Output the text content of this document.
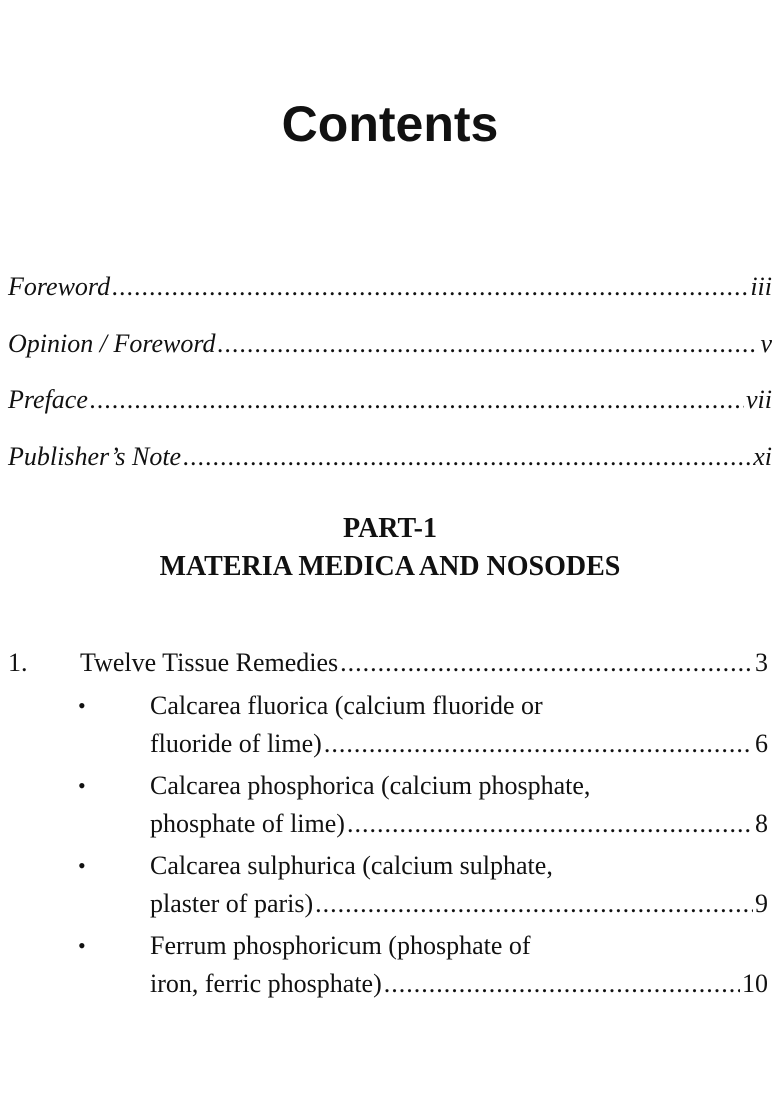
Contents
Foreword .....	iii
Opinion / Foreword .....	v
Preface .....	vii
Publisher’s Note .....	xi
PART-1
MATERIA MEDICA AND NOSODES
1. Twelve Tissue Remedies .....	3
• Calcarea fluorica (calcium fluoride or
fluoride of lime) .....	6
• Calcarea phosphorica (calcium phosphate,
phosphate of lime) .....	8
• Calcarea sulphurica (calcium sulphate,
plaster of paris) .....	9
• Ferrum phosphoricum (phosphate of
iron, ferric phosphate) .....	10
